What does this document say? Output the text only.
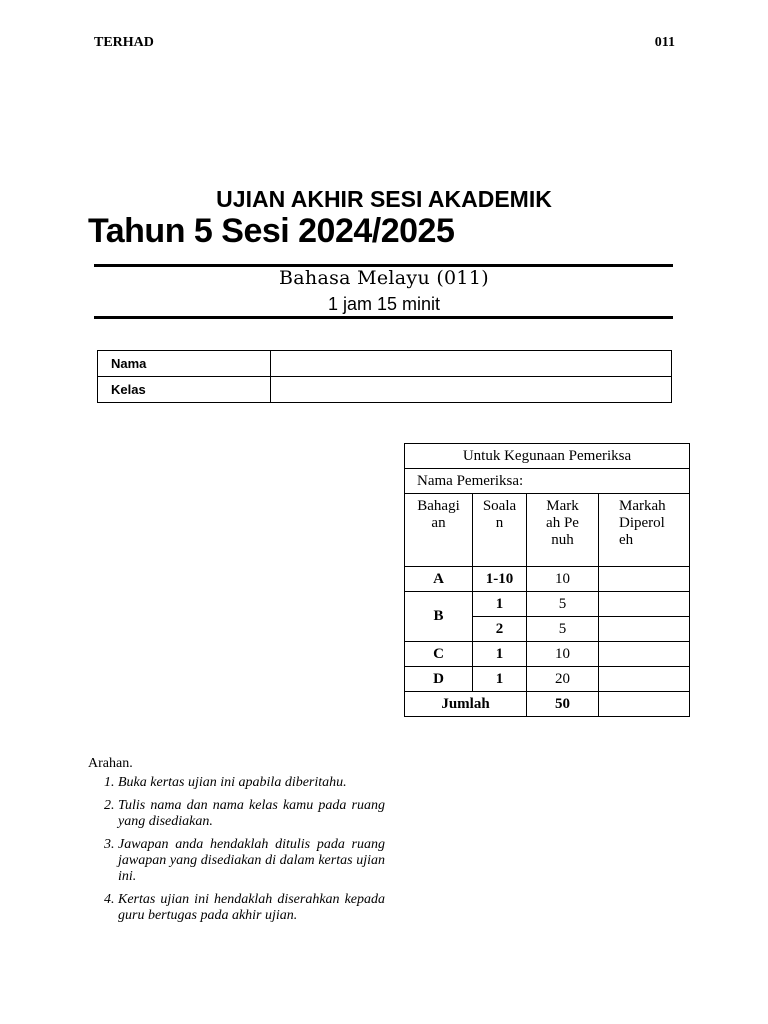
TERHAD	011
UJIAN AKHIR SESI AKADEMIK
Tahun 5 Sesi 2024/2025
Bahasa Melayu (011)
1 jam 15 minit
Nama	
Kelas	
Untuk Kegunaan Pemeriksa			
Nama Pemeriksa:			
Bahagian	Soalan	Markah Penuh	Markah Diperoleh
A	1-10	10	
B	1	5	
	2	5	
C	1	10	
D	1	20	
Jumlah		50	
Arahan.
1. Buka kertas ujian ini apabila diberitahu.
2. Tulis nama dan nama kelas kamu pada ruang yang disediakan.
3. Jawapan anda hendaklah ditulis pada ruang jawapan yang disediakan di dalam kertas ujian ini.
4. Kertas ujian ini hendaklah diserahkan kepada guru bertugas pada akhir ujian.
